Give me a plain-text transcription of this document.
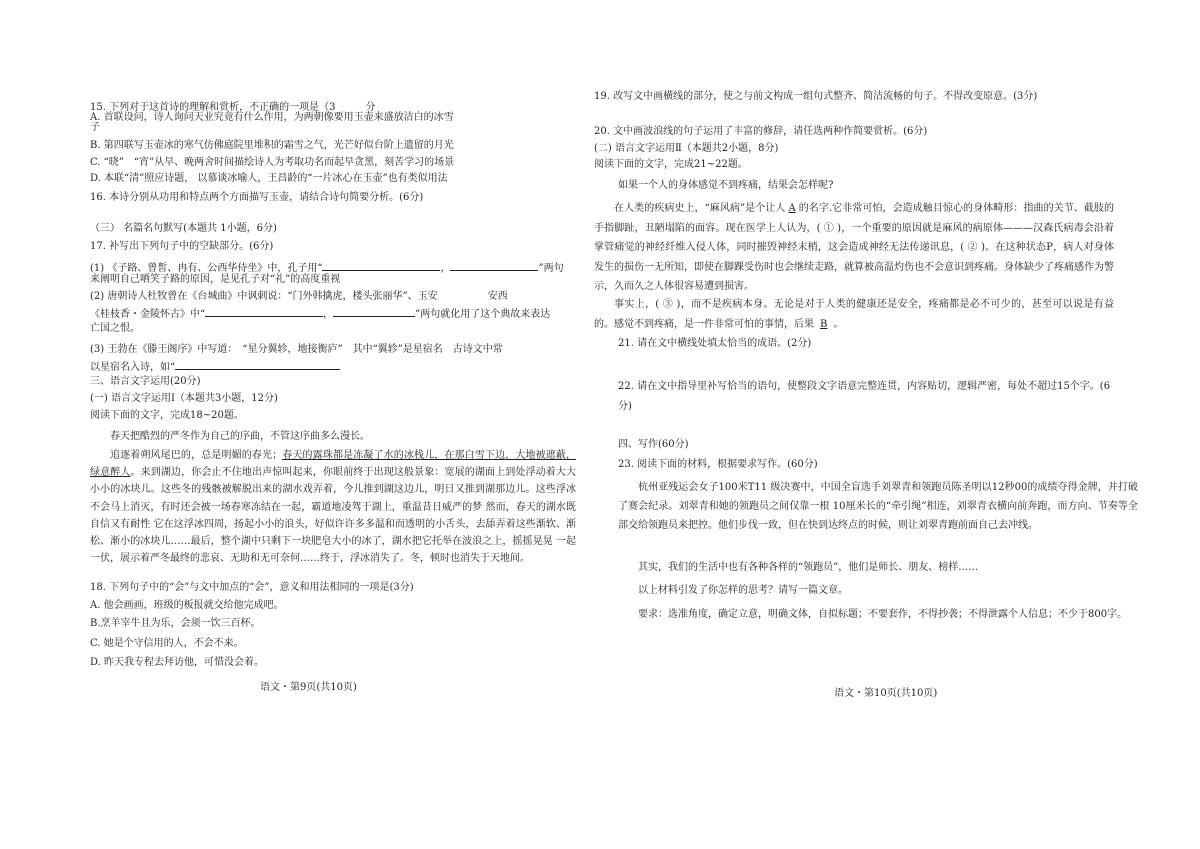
15. 下列对于这首诗的理解和赏析，不正确的一项是（3　　　分
A. 首联设问，诗人询问天业究竟有什么作用，为两朝像要用玉壶来盛放洁白的冰雪
子
B. 第四联写玉壶冰的寒气仿佛庭院里堆积的霜雪之气，光芒好似台阶上遗留的月光
C. “晓”　“宵”从早、晚两舍时间描绘诗人为考取功名而起早贪黑，刻苦学习的场景
D. 本联“清”照应诗题， 以慕谈冰喻人，王昌龄的“一片冰心在玉壶”也有类似用法
16. 本诗分别从功用和特点两个方面描写玉壶，请结合诗句简要分析。(6分)
（三） 名篇名句默写(本题共 1小题，6分)
17. 补写出下列句子中的空缺部分。(6分)
(1) 《子路、曾皙、冉有、公西华侍坐》中，孔子用“	，	”两句
来阐明自己哂笑子路的原因，是见孔子对“礼”的高度重视
(2) 唐朝诗人杜牧曾在《台城曲》中讽刺说：“门外韩擒虎，楼头张丽华”、玉安　　　　　安西
《桂枝香・金陵怀古》中“	，	”两句就化用了这个典故来表达
亡国之恨。
(3) 王勃在《滕王阁序》中写道：　“星分翼轸，地接衡庐”　其中“翼轸”是星宿名　古诗文中常
以星宿名入诗，如“
三、语言文字运用(20分)
(一) 语言文字运用Ⅰ（本题共3小题，12分)
阅读下面的文字，完成18~20题。
春天把酷烈的严冬作为自己的序曲，不管这序曲多么漫长。
追逐着朔风尾巴的，总是明媚的春光；春天的露珠都是冻凝了水的冰栈儿，在那白雪下边，大地被遮蔽，绿意醉人。来到湖边，你会止不住地出声惊叫起来，你眼前终于出现这般景象：宽展的湖面上到处浮动着大大小小的冰块儿。这些冬的残骸被解脱出来的湖水戏弄着，今儿推到湖这边儿，明日又推到湖那边儿。这些浮冰不会马上消灭，有时还会被一场春寒冻结在一起，霸道地凌驾于湖上，重温昔日威严的梦 然而，春天的湖水既自信又有耐性 它在这浮冰四周，扬起小小的浪头，好似许许多多温和而透明的小舌头，去舔弄着这些渐软、渐松、渐小的冰块儿……最后，整个湖中只剩下一块肥皂大小的冰了，湖水把它托举在波浪之上，摇摇晃晃 一起一伏，展示着严冬最终的悲哀、无助和无可奈何……终于，浮冰消失了。冬，顿时也消失于天地间。
18. 下列句子中的“会”与文中加点的“会”，意义和用法相同的一项是(3分)
A. 他会画画，班级的板报就交给他完成吧。
B.烹羊宰牛且为乐，会须一饮三百杯。
C. 她是个守信用的人，不会不来。
D. 昨天我专程去拜访他，可惜没会着。
语文・第9页(共10页)
19. 改写文中画横线的部分，使之与前文构成一组句式整齐、简洁流畅的句子。不得改变原意。(3分)
20. 文中画波浪线的句子运用了丰富的修辞，请任选两种作简要赏析。(6分)
(二) 语言文字运用Ⅱ（本题共2小题，8分)
阅读下面的文字，完成21~22题。
如果一个人的身体感觉不到疼痛，结果会怎样呢?
在人类的疾病史上，“麻风病”是个让人 A 的名字.它非常可怕，会造成触目惊心的身体畸形：指曲的关节、截肢的手指脚趾，丑陋塌陷的面容。现在医学上人认为，( ① )，一个重要的原因就是麻风的病原体———汉森氏病毒会沿着掌管痛觉的神经纤维入侵人体，同时摧毁神经末梢，这会造成神经无法传递讯息，( ② )。在这种状态P，病人对身体发生的损伤一无所知，即使在脚踝受伤时也会继续走路，就算被高温灼伤也不会意识到疼痛。身体缺少了疼痛感作为警示，久而久之人体很容易遭到损害。
事实上，( ③ )，而不是疾病本身。无论是对于人类的健康还是安全，疼痛都是必不可少的，甚至可以说是有益的。感觉不到疼痛，是一件非常可怕的事情，后果 B 。
21. 请在文中横线处填太恰当的成语。(2分)
22. 请在文中指导里补写恰当的语句，使整段文字语意完整连贯，内容贴切，逻辑严密，每处不超过15个字。(6分)
四、写作(60分)
23. 阅读下面的材料，根据要求写作。(60分)
杭州亚残运会女子100米T11 级决赛中，中国全盲选手刘翠青和领跑员陈圣明以12秒00的成绩夺得金牌，并打破了赛会纪录。刘翠青和她的领跑员之间仅靠一根 10厘米长的“牵引绳”相连，刘翠青衣横向前奔跑，而方向、节奏等全部交给领跑员来把控。他们步伐一致，但在快到达终点的时候，则让刘翠青跑前面自己去冲线。
其实，我们的生活中也有各种各样的“领跑员”，他们是师长、朋友、榜样……
以上材料引发了你怎样的思考？请写一篇文章。
要求：选准角度，确定立意，明确文体，自拟标题；不要套作，不得抄袭；不得泄露个人信息；不少于800字。
语文・第10页(共10页)
